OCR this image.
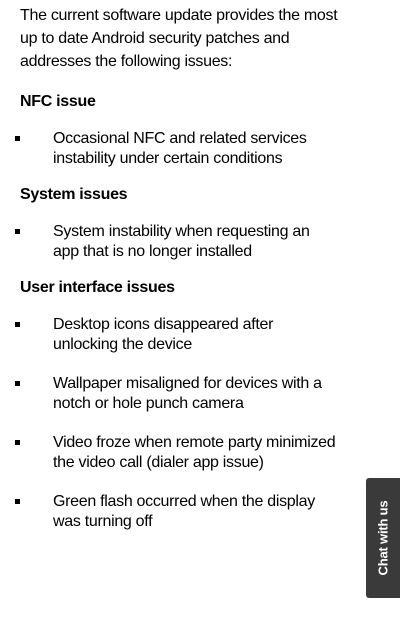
The current software update provides the most up to date Android security patches and addresses the following issues:

NFC issue
Occasional NFC and related services instability under certain conditions
System issues
System instability when requesting an app that is no longer installed
User interface issues
Desktop icons disappeared after unlocking the device
Wallpaper misaligned for devices with a notch or hole punch camera
Video froze when remote party minimized the video call (dialer app issue)
Green flash occurred when the display was turning off	Chat with us
